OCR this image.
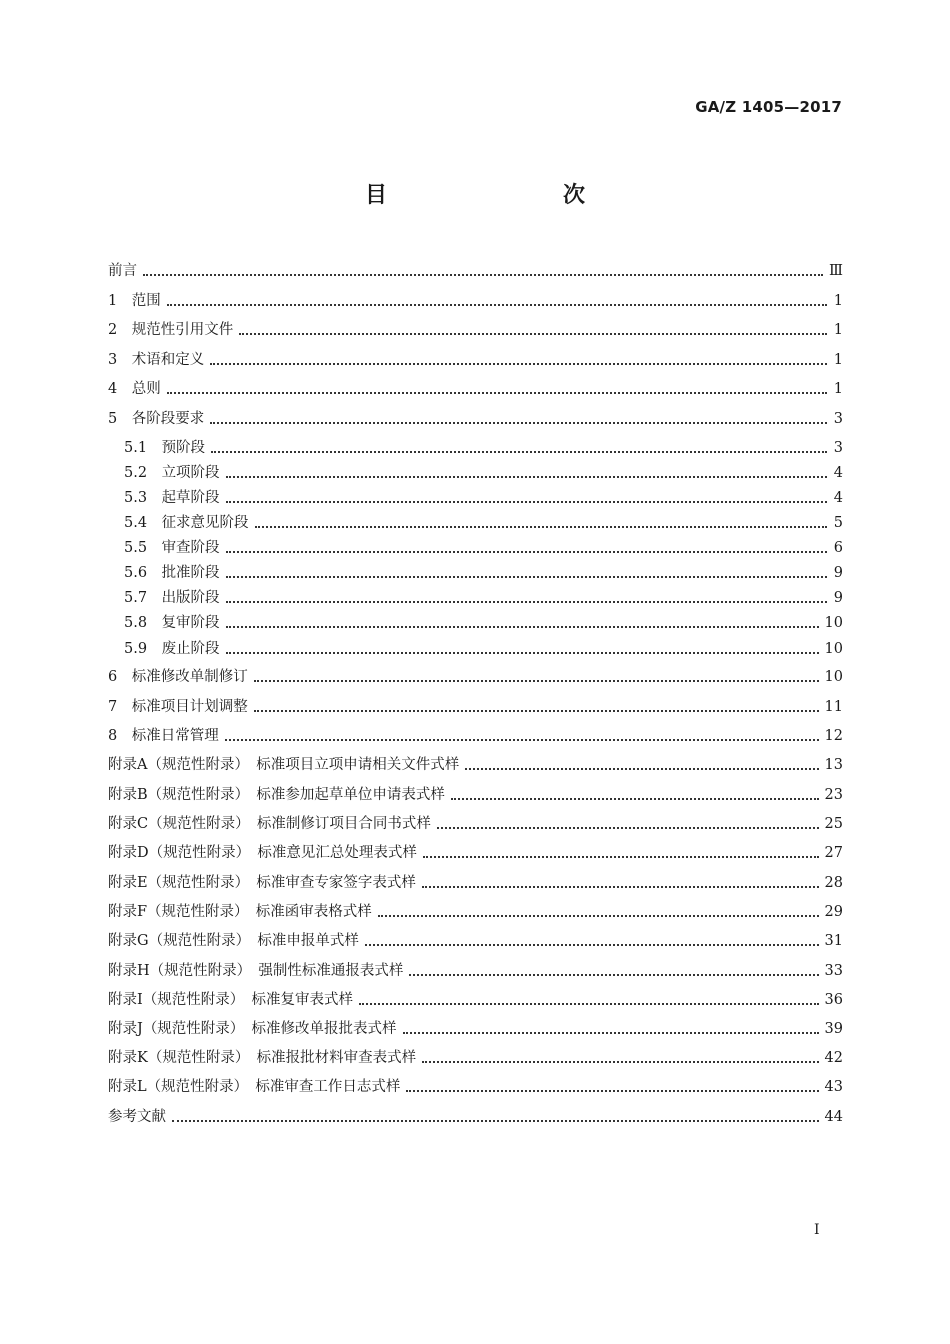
GA/Z 1405—2017
目　　次
前言	Ⅲ
1　 范围	1
2　 规范性引用文件	1
3　 术语和定义	1
4　 总则	1
5　 各阶段要求	3
5.1　 预阶段	3
5.2　 立项阶段	4
5.3　 起草阶段	4
5.4　 征求意见阶段	5
5.5　 审查阶段	6
5.6　 批准阶段	9
5.7　 出版阶段	9
5.8　 复审阶段	10
5.9　 废止阶段	10
6　 标准修改单制修订	10
7　 标准项目计划调整	11
8　 标准日常管理	12
附录A（规范性附录）　标准项目立项申请相关文件式样	13
附录B（规范性附录）　标准参加起草单位申请表式样	23
附录C（规范性附录）　标准制修订项目合同书式样	25
附录D（规范性附录）　标准意见汇总处理表式样	27
附录E（规范性附录）　标准审查专家签字表式样	28
附录F（规范性附录）　标准函审表格式样	29
附录G（规范性附录）　标准申报单式样	31
附录H（规范性附录）　强制性标准通报表式样	33
附录I（规范性附录）　标准复审表式样	36
附录J（规范性附录）　标准修改单报批表式样	39
附录K（规范性附录）　标准报批材料审查表式样	42
附录L（规范性附录）　标准审查工作日志式样	43
参考文献	44
I
